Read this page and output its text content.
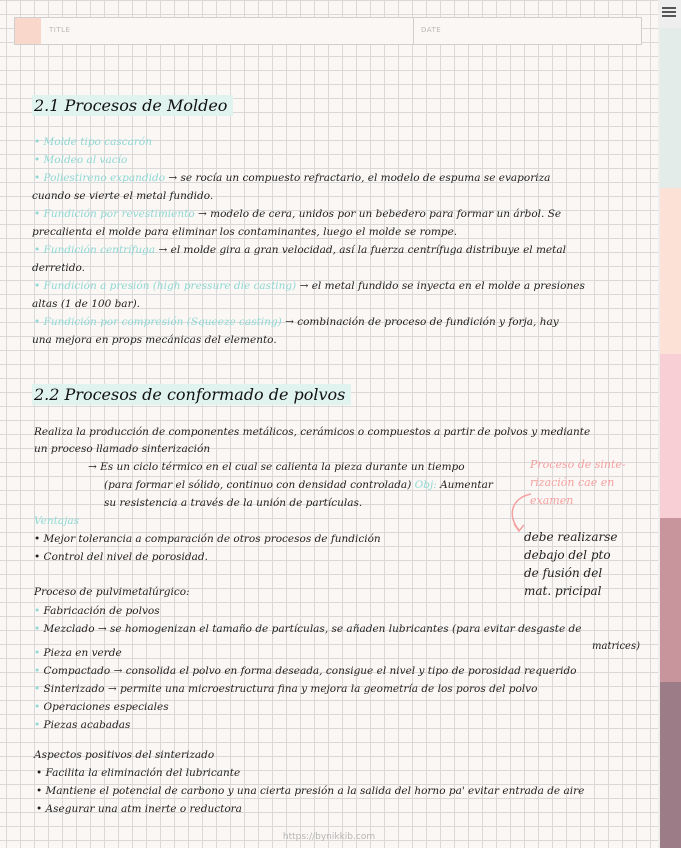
TITLE	DATE
2.1 Procesos de Moldeo
• Molde tipo cascarón
• Moldeo al vacío
• Poliestireno expandido → se rocía un compuesto refractario, el modelo de espuma se evaporiza
cuando se vierte el metal fundido.
• Fundición por revestimiento → modelo de cera, unidos por un bebedero para formar un árbol. Se
precalienta el molde para eliminar los contaminantes, luego el molde se rompe.
• Fundición centrífuga → el molde gira a gran velocidad, así la fuerza centrífuga distribuye el metal
derretido.
• Fundición a presión (high pressure die casting) → el metal fundido se inyecta en el molde a presiones
altas (1 de 100 bar).
• Fundición por compresión (Squeeze casting) → combinación de proceso de fundición y forja, hay
una mejora en props mecánicas del elemento.
2.2 Procesos de conformado de polvos
Realiza la producción de componentes metálicos, cerámicos o compuestos a partir de polvos y mediante
un proceso llamado sinterización
→ Es un ciclo térmico en el cual se calienta la pieza durante un tiempo
(para formar el sólido, continuo con densidad controlada) Obj: Aumentar
su resistencia a través de la unión de partículas.
Proceso de sinte-
rización cae en
examen
debe realizarse
debajo del pto
de fusión del
mat. pricipal
Ventajas
• Mejor tolerancia a comparación de otros procesos de fundición
• Control del nivel de porosidad.
Proceso de pulvimetalúrgico:
• Fabricación de polvos
• Mezclado → se homogenizan el tamaño de partículas, se añaden lubricantes (para evitar desgaste de
• Pieza en verde
• Compactado → consolida el polvo en forma deseada, consigue el nivel y tipo de porosidad requerido
• Sinterizado → permite una microestructura fina y mejora la geometría de los poros del polvo
• Operaciones especiales
• Piezas acabadas
matrices)
Aspectos positivos del sinterizado
• Facilita la eliminación del lubricante
• Mantiene el potencial de carbono y una cierta presión a la salida del horno pa' evitar entrada de aire
• Asegurar una atm inerte o reductora
https://bynikkib.com
